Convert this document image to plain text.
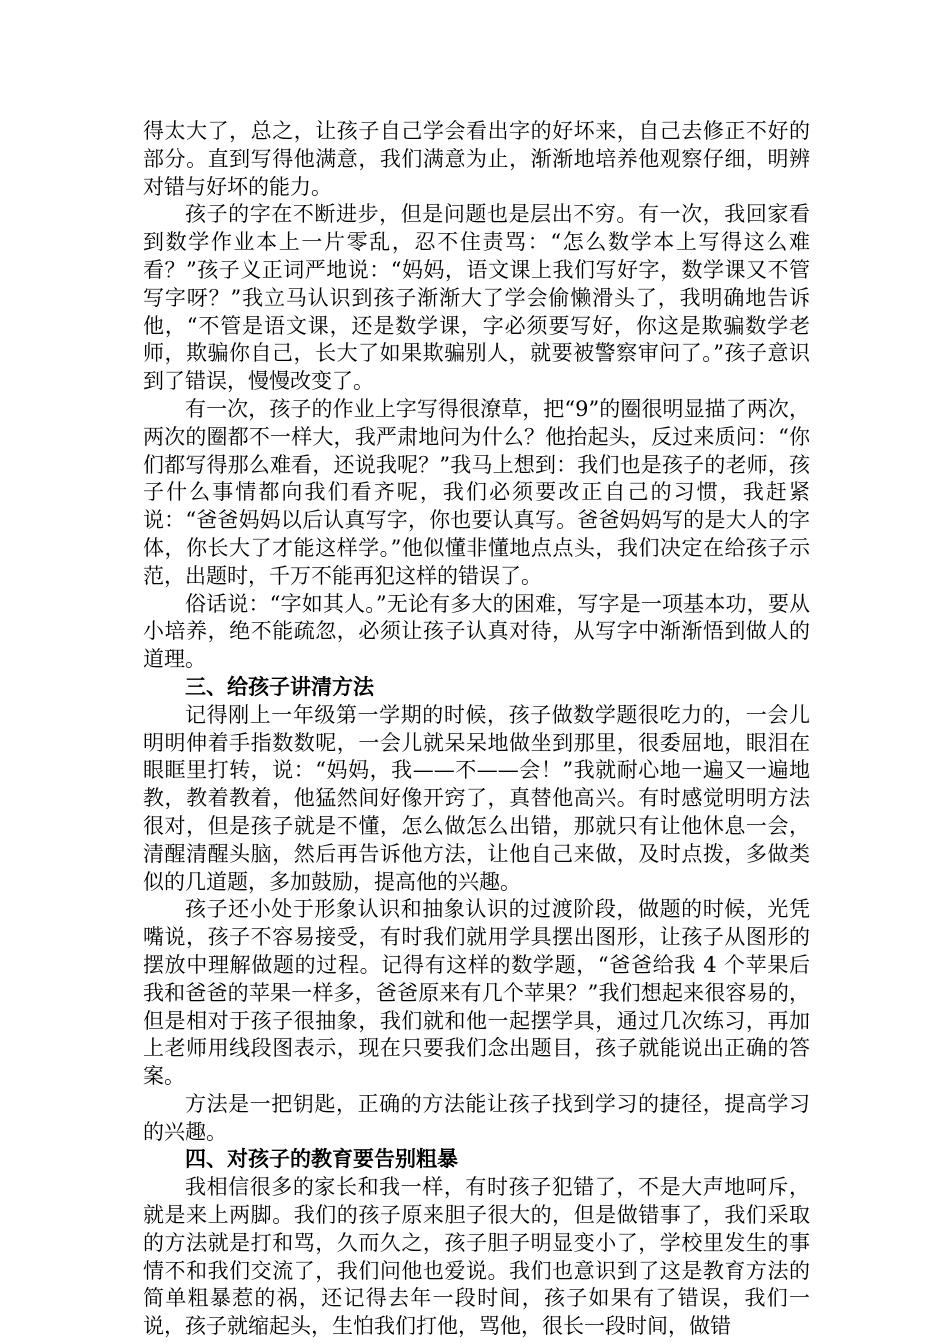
得太大了，总之，让孩子自己学会看出字的好坏来，自己去修正不好的部分。直到写得他满意，我们满意为止，渐渐地培养他观察仔细，明辨对错与好坏的能力。

孩子的字在不断进步，但是问题也是层出不穷。有一次，我回家看到数学作业本上一片零乱，忍不住责骂：“怎么数学本上写得这么难看？”孩子义正词严地说：“妈妈，语文课上我们写好字，数学课又不管写字呀？”我立马认识到孩子渐渐大了学会偷懒滑头了，我明确地告诉他，“不管是语文课，还是数学课，字必须要写好，你这是欺骗数学老师，欺骗你自己，长大了如果欺骗别人，就要被警察审问了。”孩子意识到了错误，慢慢改变了。

有一次，孩子的作业上字写得很潦草，把“9”的圈很明显描了两次，两次的圈都不一样大，我严肃地问为什么？他抬起头，反过来质问：“你们都写得那么难看，还说我呢？”我马上想到：我们也是孩子的老师，孩子什么事情都向我们看齐呢，我们必须要改正自己的习惯，我赶紧说：“爸爸妈妈以后认真写字，你也要认真写。爸爸妈妈写的是大人的字体，你长大了才能这样学。”他似懂非懂地点点头，我们决定在给孩子示范，出题时，千万不能再犯这样的错误了。

俗话说：“字如其人。”无论有多大的困难，写字是一项基本功，要从小培养，绝不能疏忽，必须让孩子认真对待，从写字中渐渐悟到做人的道理。

三、给孩子讲清方法

记得刚上一年级第一学期的时候，孩子做数学题很吃力的，一会儿明明伸着手指数数呢，一会儿就呆呆地做坐到那里，很委屈地，眼泪在眼眶里打转，说：“妈妈，我——不——会！”我就耐心地一遍又一遍地教，教着教着，他猛然间好像开窍了，真替他高兴。有时感觉明明方法很对，但是孩子就是不懂，怎么做怎么出错，那就只有让他休息一会，清醒清醒头脑，然后再告诉他方法，让他自己来做，及时点拨，多做类似的几道题，多加鼓励，提高他的兴趣。

孩子还小处于形象认识和抽象认识的过渡阶段，做题的时候，光凭嘴说，孩子不容易接受，有时我们就用学具摆出图形，让孩子从图形的摆放中理解做题的过程。记得有这样的数学题，“爸爸给我 4 个苹果后我和爸爸的苹果一样多，爸爸原来有几个苹果？”我们想起来很容易的，但是相对于孩子很抽象，我们就和他一起摆学具，通过几次练习，再加上老师用线段图表示，现在只要我们念出题目，孩子就能说出正确的答案。

方法是一把钥匙，正确的方法能让孩子找到学习的捷径，提高学习的兴趣。

四、对孩子的教育要告别粗暴

我相信很多的家长和我一样，有时孩子犯错了，不是大声地呵斥，就是来上两脚。我们的孩子原来胆子很大的，但是做错事了，我们采取的方法就是打和骂，久而久之，孩子胆子明显变小了，学校里发生的事情不和我们交流了，我们问他也爱说。我们也意识到了这是教育方法的简单粗暴惹的祸，还记得去年一段时间，孩子如果有了错误，我们一说，孩子就缩起头，生怕我们打他，骂他，很长一段时间，做错
